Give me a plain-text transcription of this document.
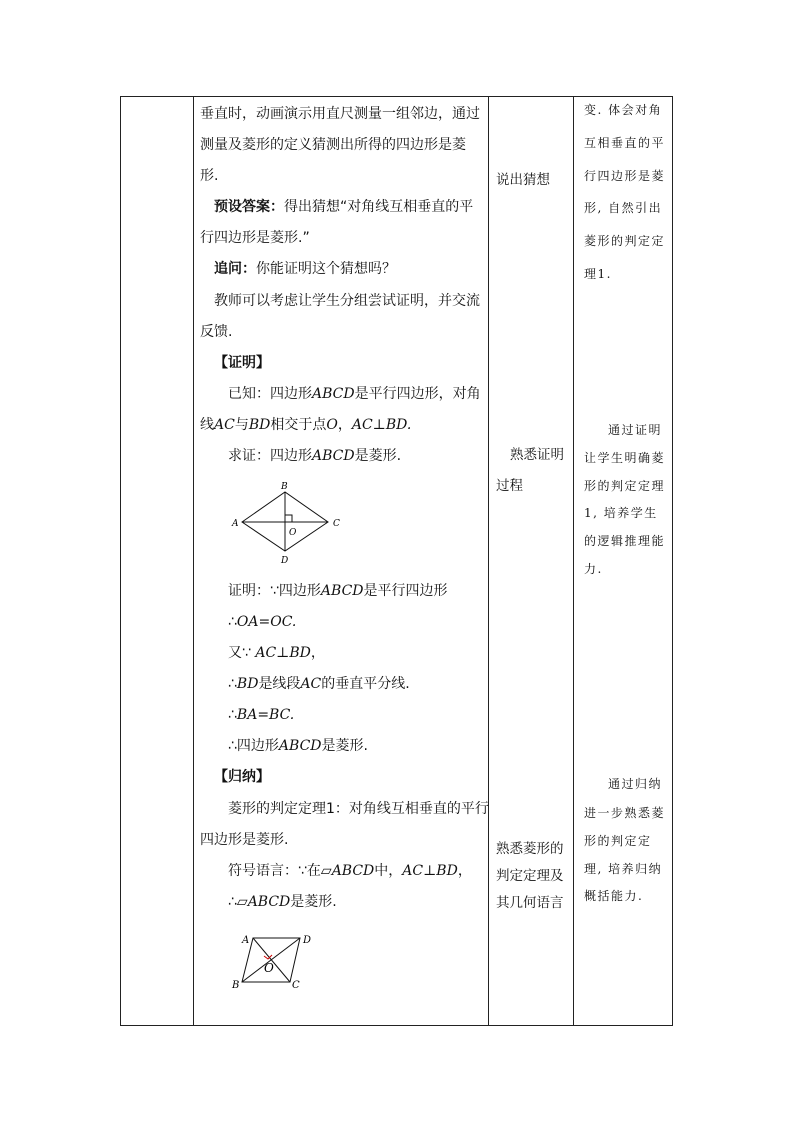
垂直时，动画演示用直尺测量一组邻边，通过
测量及菱形的定义猜测出所得的四边形是菱
形.
预设答案：得出猜想“对角线互相垂直的平
行四边形是菱形.”
追问：你能证明这个猜想吗？
教师可以考虑让学生分组尝试证明，并交流
反馈.
【证明】
已知：四边形ABCD是平行四边形，对角
线AC与BD相交于点O，AC⊥BD.
求证：四边形ABCD是菱形.
A
B
C
D
O
证明：∵四边形ABCD是平行四边形
∴OA=OC.
又∵ AC⊥BD，
∴BD是线段AC的垂直平分线.
∴BA=BC.
∴四边形ABCD是菱形.
【归纳】
菱形的判定定理1：对角线互相垂直的平行
四边形是菱形.
符号语言：∵在▱ABCD中，AC⊥BD，
∴▱ABCD是菱形.
A	D
B	C
O
说出猜想
熟悉证明
过程
熟悉菱形的
判定定理及
其几何语言
变. 体会对角
互相垂直的平
行四边形是菱
形, 自然引出
菱形的判定定
理1.
通过证明
让学生明确菱
形的判定定理
1, 培养学生
的逻辑推理能
力.
通过归纳
进一步熟悉菱
形的判定定
理, 培养归纳
概括能力.
